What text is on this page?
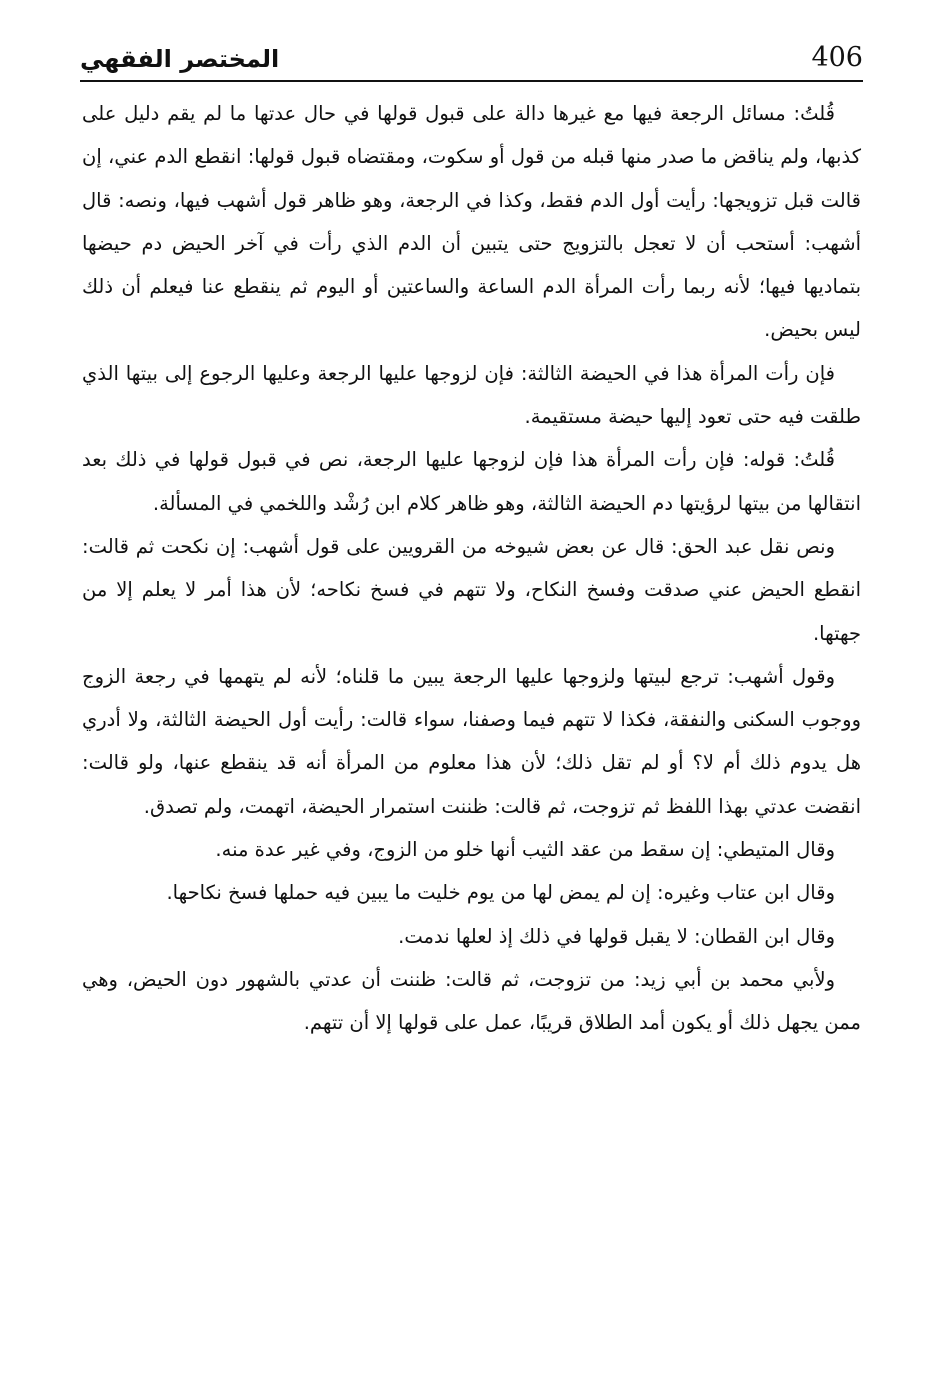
406
المختصر الفقهي

قُلتُ: مسائل الرجعة فيها مع غيرها دالة على قبول قولها في حال عدتها ما لم يقم دليل على كذبها، ولم يناقض ما صدر منها قبله من قول أو سكوت، ومقتضاه قبول قولها: انقطع الدم عني، إن قالت قبل تزويجها: رأيت أول الدم فقط، وكذا في الرجعة، وهو ظاهر قول أشهب فيها، ونصه: قال أشهب: أستحب أن لا تعجل بالتزويج حتى يتبين أن الدم الذي رأت في آخر الحيض دم حيضها بتماديها فيها؛ لأنه ربما رأت المرأة الدم الساعة والساعتين أو اليوم ثم ينقطع عنا فيعلم أن ذلك ليس بحيض.

فإن رأت المرأة هذا في الحيضة الثالثة: فإن لزوجها عليها الرجعة وعليها الرجوع إلى بيتها الذي طلقت فيه حتى تعود إليها حيضة مستقيمة.

قُلتُ: قوله: فإن رأت المرأة هذا فإن لزوجها عليها الرجعة، نص في قبول قولها في ذلك بعد انتقالها من بيتها لرؤيتها دم الحيضة الثالثة، وهو ظاهر كلام ابن رُشْد واللخمي في المسألة.

ونص نقل عبد الحق: قال عن بعض شيوخه من القرويين على قول أشهب: إن نكحت ثم قالت: انقطع الحيض عني صدقت وفسخ النكاح، ولا تتهم في فسخ نكاحه؛ لأن هذا أمر لا يعلم إلا من جهتها.

وقول أشهب: ترجع لبيتها ولزوجها عليها الرجعة يبين ما قلناه؛ لأنه لم يتهمها في رجعة الزوج ووجوب السكنى والنفقة، فكذا لا تتهم فيما وصفنا، سواء قالت: رأيت أول الحيضة الثالثة، ولا أدري هل يدوم ذلك أم لا؟ أو لم تقل ذلك؛ لأن هذا معلوم من المرأة أنه قد ينقطع عنها، ولو قالت: انقضت عدتي بهذا اللفظ ثم تزوجت، ثم قالت: ظننت استمرار الحيضة، اتهمت، ولم تصدق.

وقال المتيطي: إن سقط من عقد الثيب أنها خلو من الزوج، وفي غير عدة منه.

وقال ابن عتاب وغيره: إن لم يمض لها من يوم خليت ما يبين فيه حملها فسخ نكاحها.

وقال ابن القطان: لا يقبل قولها في ذلك إذ لعلها ندمت.

ولأبي محمد بن أبي زيد: من تزوجت، ثم قالت: ظننت أن عدتي بالشهور دون الحيض، وهي ممن يجهل ذلك أو يكون أمد الطلاق قريبًا، عمل على قولها إلا أن تتهم.
